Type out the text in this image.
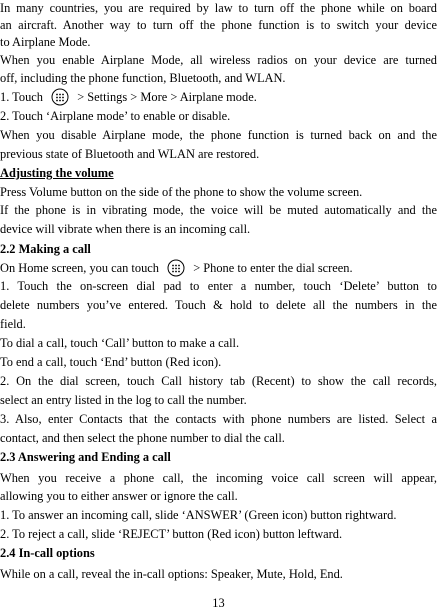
In many countries, you are required by law to turn off the phone while on board
an aircraft. Another way to turn off the phone function is to switch your device
to Airplane Mode.
When you enable Airplane Mode, all wireless radios on your device are turned
off, including the phone function, Bluetooth, and WLAN.
1. Touch	> Settings > More > Airplane mode.
2. Touch ‘Airplane mode’ to enable or disable.
When you disable Airplane mode, the phone function is turned back on and the
previous state of Bluetooth and WLAN are restored.
Adjusting the volume
Press Volume button on the side of the phone to show the volume screen.
If the phone is in vibrating mode, the voice will be muted automatically and the
device will vibrate when there is an incoming call.
2.2 Making a call
On Home screen, you can touch	> Phone to enter the dial screen.
1. Touch the on-screen dial pad to enter a number, touch ‘Delete’ button to
delete numbers you’ve entered. Touch & hold to delete all the numbers in the
field.
To dial a call, touch ‘Call’ button to make a call.
To end a call, touch ‘End’ button (Red icon).
2. On the dial screen, touch Call history tab (Recent) to show the call records,
select an entry listed in the log to call the number.
3. Also, enter Contacts that the contacts with phone numbers are listed. Select a
contact, and then select the phone number to dial the call.
2.3 Answering and Ending a call
When you receive a phone call, the incoming voice call screen will appear,
allowing you to either answer or ignore the call.
1. To answer an incoming call, slide ‘ANSWER’ (Green icon) button rightward.
2. To reject a call, slide ‘REJECT’ button (Red icon) button leftward.
2.4 In-call options
While on a call, reveal the in-call options: Speaker, Mute, Hold, End.
13
